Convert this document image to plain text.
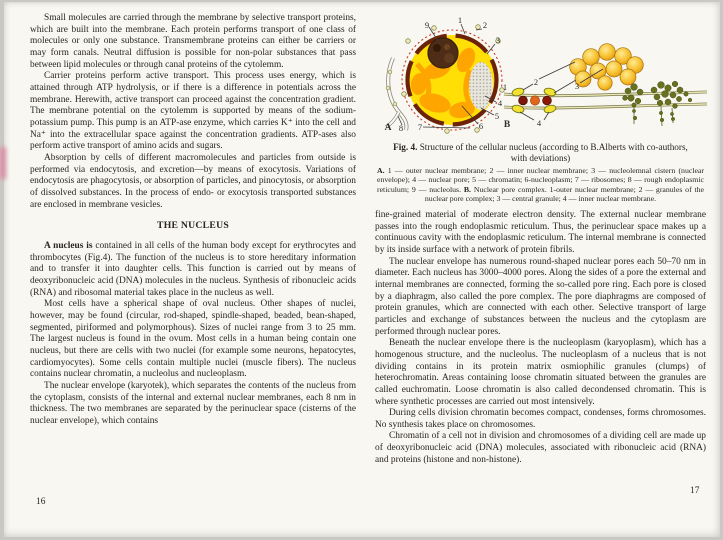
Small molecules are carried through the membrane by selective transport proteins, which are built into the membrane. Each protein performs transport of one class of molecules or only one substance. Transmembrane proteins can either be carriers or may form canals. Neutral diffusion is possible for non-polar substances that pass between lipid molecules or through canal proteins of the cytolemm.

Carrier proteins perform active transport. This process uses energy, which is attained through ATP hydrolysis, or if there is a difference in potentials across the membrane. Herewith, active transport can proceed against the concentration gradient. The membrane potential on the cytolemm is supported by means of the sodium-potassium pump. This pump is an ATP-ase enzyme, which carries K⁺ into the cell and Na⁺ into the extracellular space against the concentration gradients. ATP-ases also perform active transport of amino acids and sugars.

Absorption by cells of different macromolecules and particles from outside is performed via endocytosis, and excretion—by means of exocytosis. Variations of endocytosis are phagocytosis, or absorption of particles, and pinocytosis, or absorption of dissolved substances. In the process of endo- or exocytosis transported substances are enclosed in membrane vesicles.

THE NUCLEUS

A nucleus is contained in all cells of the human body except for erythrocytes and thrombocytes (Fig.4). The function of the nucleus is to store hereditary information and to transfer it into daughter cells. This function is carried out by means of deoxyribonucleic acid (DNA) molecules in the nucleus. Synthesis of ribonucleic acids (RNA) and ribosomal material takes place in the nucleus as well.

Most cells have a spherical shape of oval nucleus. Other shapes of nuclei, however, may be found (circular, rod-shaped, spindle-shaped, beaded, bean-shaped, segmented, piriformed and polymorphous). Sizes of nuclei range from 3 to 25 mm. The largest nucleus is found in the ovum. Most cells in a human being contain one nucleus, but there are cells with two nuclei (for example some neurons, hepatocytes, cardiomyocytes). Some cells contain multiple nuclei (muscle fibers). The nucleus contains nuclear chromatin, a nucleolus and nucleoplasm.

The nuclear envelope (karyotek), which separates the contents of the nucleus from the cytoplasm, consists of the internal and external nuclear membranes, each 8 nm in thickness. The two membranes are separated by the perinuclear space (cisterns of the nuclear envelope), which contains

16
9	1 2
3
4
5
6
7
8
A
1	2	3
4
B
Fig. 4. Structure of the cellular nucleus (according to B.Alberts with co-authors, with deviations)
A. 1 — outer nuclear membrane; 2 — inner nuclear membrane; 3 — nucleolemnal cistern (nuclear envelope); 4 — nuclear pore; 5 — chromatin; 6-nucleoplasm; 7 — ribosomes; 8 — rough endoplasmic reticulum; 9 — nucleolus. B. Nuclear pore complex. 1-outer nuclear membrane; 2 — granules of the nuclear pore complex; 3 — central granule; 4 — inner nuclear membrane.

fine-grained material of moderate electron density. The external nuclear membrane passes into the rough endoplasmic reticulum. Thus, the perinuclear space makes up a continuous cavity with the endoplasmic reticulum. The internal membrane is connected by its inside surface with a network of protein fibrils.

The nuclear envelope has numerous round-shaped nuclear pores each 50–70 nm in diameter. Each nucleus has 3000–4000 pores. Along the sides of a pore the external and internal membranes are connected, forming the so-called pore ring. Each pore is closed by a diaphragm, also called the pore complex. The pore diaphragms are composed of protein granules, which are connected with each other. Selective transport of large particles and exchange of substances between the nucleus and the cytoplasm are performed through nuclear pores.

Beneath the nuclear envelope there is the nucleoplasm (karyoplasm), which has a homogenous structure, and the nucleolus. The nucleoplasm of a nucleus that is not dividing contains in its protein matrix osmiophilic granules (clumps) of heterochromatin. Areas containing loose chromatin situated between the granules are called euchromatin. Loose chromatin is also called decondensed chromatin. This is where synthetic processes are carried out most intensively.

During cells division chromatin becomes compact, condenses, forms chromosomes. No synthesis takes place on chromosomes.

Chromatin of a cell not in division and chromosomes of a dividing cell are made up of deoxyribonucleic acid (DNA) molecules, associated with ribonucleic acid (RNA) and proteins (histone and non-histone).

17
